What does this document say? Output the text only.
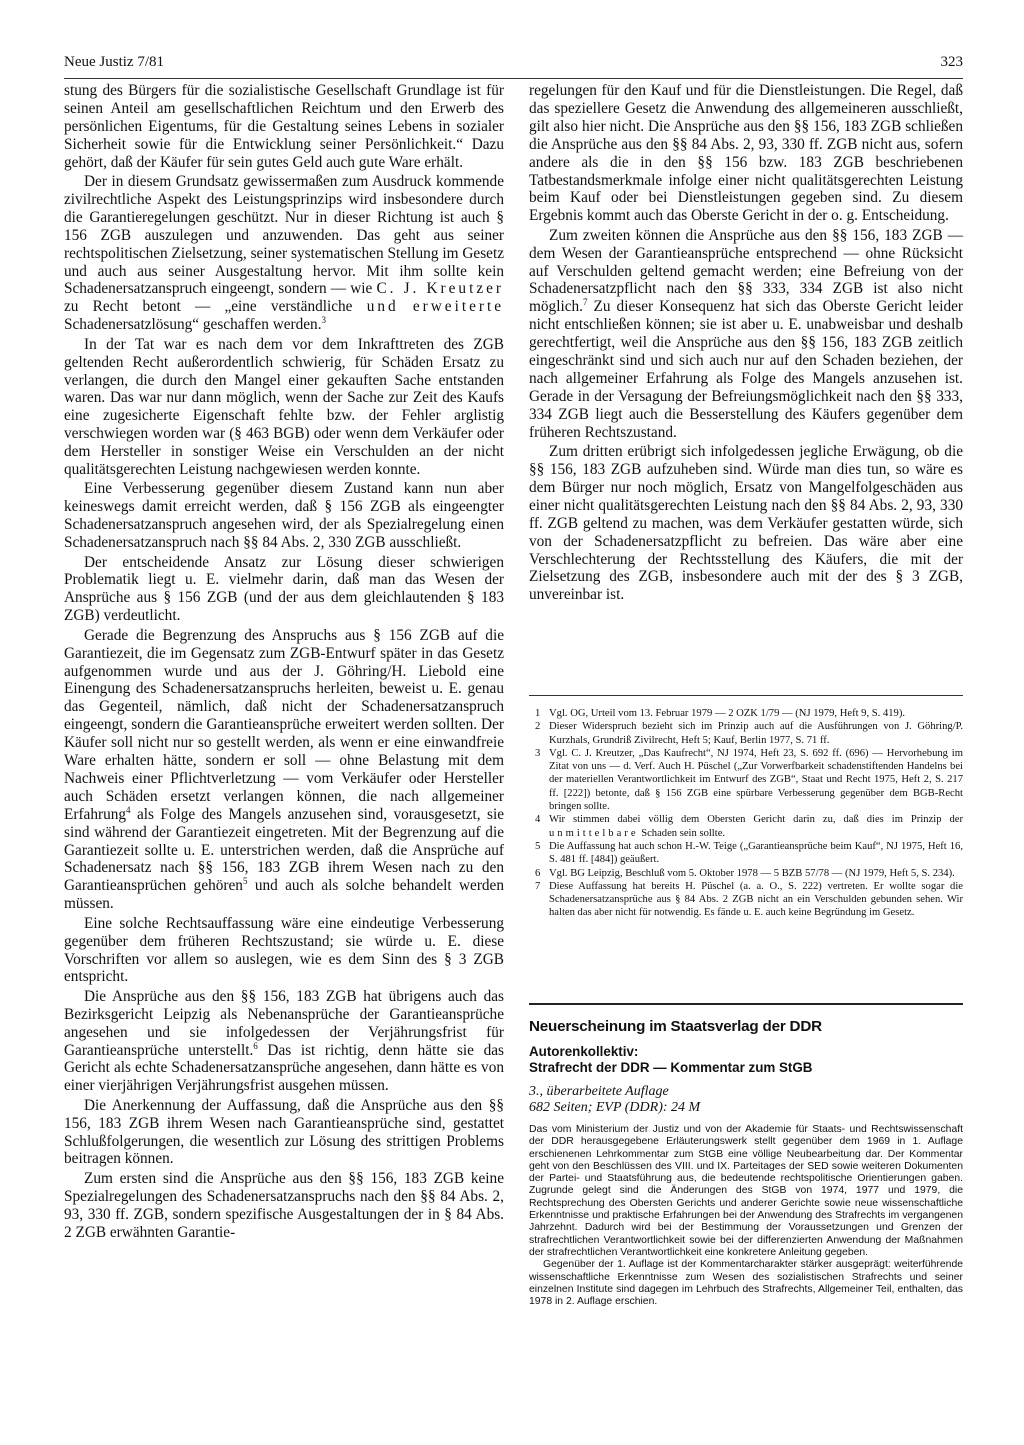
Neue Justiz 7/81	323

stung des Bürgers für die sozialistische Gesellschaft Grundlage ist für seinen Anteil am gesellschaftlichen Reichtum und den Erwerb des persönlichen Eigentums, für die Gestaltung seines Lebens in sozialer Sicherheit sowie für die Entwicklung seiner Persönlichkeit.“ Dazu gehört, daß der Käufer für sein gutes Geld auch gute Ware erhält.

Der in diesem Grundsatz gewissermaßen zum Ausdruck kommende zivilrechtliche Aspekt des Leistungsprinzips wird insbesondere durch die Garantieregelungen geschützt. Nur in dieser Richtung ist auch § 156 ZGB auszulegen und anzuwenden. Das geht aus seiner rechtspolitischen Zielsetzung, seiner systematischen Stellung im Gesetz und auch aus seiner Ausgestaltung hervor. Mit ihm sollte kein Schadenersatzanspruch eingeengt, sondern — wie C. J. Kreutzer zu Recht betont — „eine verständliche und erweiterte Schadenersatzlösung“ geschaffen werden.$^3$

In der Tat war es nach dem vor dem Inkrafttreten des ZGB geltenden Recht außerordentlich schwierig, für Schäden Ersatz zu verlangen, die durch den Mangel einer gekauften Sache entstanden waren. Das war nur dann möglich, wenn der Sache zur Zeit des Kaufs eine zugesicherte Eigenschaft fehlte bzw. der Fehler arglistig verschwiegen worden war (§ 463 BGB) oder wenn dem Verkäufer oder dem Hersteller in sonstiger Weise ein Verschulden an der nicht qualitätsgerechten Leistung nachgewiesen werden konnte.

Eine Verbesserung gegenüber diesem Zustand kann nun aber keineswegs damit erreicht werden, daß § 156 ZGB als eingeengter Schadenersatzanspruch angesehen wird, der als Spezialregelung einen Schadenersatzanspruch nach §§ 84 Abs. 2, 330 ZGB ausschließt.

Der entscheidende Ansatz zur Lösung dieser schwierigen Problematik liegt u. E. vielmehr darin, daß man das Wesen der Ansprüche aus § 156 ZGB (und der aus dem gleichlautenden § 183 ZGB) verdeutlicht.

Gerade die Begrenzung des Anspruchs aus § 156 ZGB auf die Garantiezeit, die im Gegensatz zum ZGB-Entwurf später in das Gesetz aufgenommen wurde und aus der J. Göhring/H. Liebold eine Einengung des Schadenersatzanspruchs herleiten, beweist u. E. genau das Gegenteil, nämlich, daß nicht der Schadenersatzanspruch eingeengt, sondern die Garantieansprüche erweitert werden sollten. Der Käufer soll nicht nur so gestellt werden, als wenn er eine einwandfreie Ware erhalten hätte, sondern er soll — ohne Belastung mit dem Nachweis einer Pflichtverletzung — vom Verkäufer oder Hersteller auch Schäden ersetzt verlangen können, die nach allgemeiner Erfahrung$^4$ als Folge des Mangels anzusehen sind, vorausgesetzt, sie sind während der Garantiezeit eingetreten. Mit der Begrenzung auf die Garantiezeit sollte u. E. unterstrichen werden, daß die Ansprüche auf Schadenersatz nach §§ 156, 183 ZGB ihrem Wesen nach zu den Garantieansprüchen gehören$^5$ und auch als solche behandelt werden müssen.

Eine solche Rechtsauffassung wäre eine eindeutige Verbesserung gegenüber dem früheren Rechtszustand; sie würde u. E. diese Vorschriften vor allem so auslegen, wie es dem Sinn des § 3 ZGB entspricht.

Die Ansprüche aus den §§ 156, 183 ZGB hat übrigens auch das Bezirksgericht Leipzig als Nebenansprüche der Garantieansprüche angesehen und sie infolgedessen der Verjährungsfrist für Garantieansprüche unterstellt.$^6$ Das ist richtig, denn hätte sie das Gericht als echte Schadenersatzansprüche angesehen, dann hätte es von einer vierjährigen Verjährungsfrist ausgehen müssen.

Die Anerkennung der Auffassung, daß die Ansprüche aus den §§ 156, 183 ZGB ihrem Wesen nach Garantieansprüche sind, gestattet Schlußfolgerungen, die wesentlich zur Lösung des strittigen Problems beitragen können.

Zum ersten sind die Ansprüche aus den §§ 156, 183 ZGB keine Spezialregelungen des Schadenersatzanspruchs nach den §§ 84 Abs. 2, 93, 330 ff. ZGB, sondern spezifische Ausgestaltungen der in § 84 Abs. 2 ZGB erwähnten Garantie-

regelungen für den Kauf und für die Dienstleistungen. Die Regel, daß das speziellere Gesetz die Anwendung des allgemeineren ausschließt, gilt also hier nicht. Die Ansprüche aus den §§ 156, 183 ZGB schließen die Ansprüche aus den §§ 84 Abs. 2, 93, 330 ff. ZGB nicht aus, sofern andere als die in den §§ 156 bzw. 183 ZGB beschriebenen Tatbestandsmerkmale infolge einer nicht qualitätsgerechten Leistung beim Kauf oder bei Dienstleistungen gegeben sind. Zu diesem Ergebnis kommt auch das Oberste Gericht in der o. g. Entscheidung.

Zum zweiten können die Ansprüche aus den §§ 156, 183 ZGB — dem Wesen der Garantieansprüche entsprechend — ohne Rücksicht auf Verschulden geltend gemacht werden; eine Befreiung von der Schadenersatzpflicht nach den §§ 333, 334 ZGB ist also nicht möglich.$^7$ Zu dieser Konsequenz hat sich das Oberste Gericht leider nicht entschließen können; sie ist aber u. E. unabweisbar und deshalb gerechtfertigt, weil die Ansprüche aus den §§ 156, 183 ZGB zeitlich eingeschränkt sind und sich auch nur auf den Schaden beziehen, der nach allgemeiner Erfahrung als Folge des Mangels anzusehen ist. Gerade in der Versagung der Befreiungsmöglichkeit nach den §§ 333, 334 ZGB liegt auch die Besserstellung des Käufers gegenüber dem früheren Rechtszustand.

Zum dritten erübrigt sich infolgedessen jegliche Erwägung, ob die §§ 156, 183 ZGB aufzuheben sind. Würde man dies tun, so wäre es dem Bürger nur noch möglich, Ersatz von Mangelfolgeschäden aus einer nicht qualitätsgerechten Leistung nach den §§ 84 Abs. 2, 93, 330 ff. ZGB geltend zu machen, was dem Verkäufer gestatten würde, sich von der Schadenersatzpflicht zu befreien. Das wäre aber eine Verschlechterung der Rechtsstellung des Käufers, die mit der Zielsetzung des ZGB, insbesondere auch mit der des § 3 ZGB, unvereinbar ist.

1 Vgl. OG, Urteil vom 13. Februar 1979 — 2 OZK 1/79 — (NJ 1979, Heft 9, S. 419).
2 Dieser Widerspruch bezieht sich im Prinzip auch auf die Ausführungen von J. Göhring/P. Kurzhals, Grundriß Zivilrecht, Heft 5; Kauf, Berlin 1977, S. 71 ff.
3 Vgl. C. J. Kreutzer, „Das Kaufrecht“, NJ 1974, Heft 23, S. 692 ff. (696) — Hervorhebung im Zitat von uns — d. Verf. Auch H. Püschel („Zur Vorwerfbarkeit schadenstiftenden Handelns bei der materiellen Verantwortlichkeit im Entwurf des ZGB“, Staat und Recht 1975, Heft 2, S. 217 ff. [222]) betonte, daß § 156 ZGB eine spürbare Verbesserung gegenüber dem BGB-Recht bringen sollte.
4 Wir stimmen dabei völlig dem Obersten Gericht darin zu, daß dies im Prinzip der unmittelbare Schaden sein sollte.
5 Die Auffassung hat auch schon H.-W. Teige („Garantieansprüche beim Kauf“, NJ 1975, Heft 16, S. 481 ff. [484]) geäußert.
6 Vgl. BG Leipzig, Beschluß vom 5. Oktober 1978 — 5 BZB 57/78 — (NJ 1979, Heft 5, S. 234).
7 Diese Auffassung hat bereits H. Püschel (a. a. O., S. 222) vertreten. Er wollte sogar die Schadenersatzansprüche aus § 84 Abs. 2 ZGB nicht an ein Verschulden gebunden sehen. Wir halten das aber nicht für notwendig. Es fände u. E. auch keine Begründung im Gesetz.
Neuerscheinung im Staatsverlag der DDR
Autorenkollektiv:
Strafrecht der DDR — Kommentar zum StGB
3., überarbeitete Auflage
682 Seiten; EVP (DDR): 24 M

Das vom Ministerium der Justiz und von der Akademie für Staats- und Rechtswissenschaft der DDR herausgegebene Erläuterungswerk stellt gegenüber dem 1969 in 1. Auflage erschienenen Lehrkommentar zum StGB eine völlige Neubearbeitung dar. Der Kommentar geht von den Beschlüssen des VIII. und IX. Parteitages der SED sowie weiteren Dokumenten der Partei- und Staatsführung aus, die bedeutende rechtspolitische Orientierungen gaben. Zugrunde gelegt sind die Änderungen des StGB von 1974, 1977 und 1979, die Rechtsprechung des Obersten Gerichts und anderer Gerichte sowie neue wissenschaftliche Erkenntnisse und praktische Erfahrungen bei der Anwendung des Strafrechts im vergangenen Jahrzehnt. Dadurch wird bei der Bestimmung der Voraussetzungen und Grenzen der strafrechtlichen Verantwortlichkeit sowie bei der differenzierten Anwendung der Maßnahmen der strafrechtlichen Verantwortlichkeit eine konkretere Anleitung gegeben.

Gegenüber der 1. Auflage ist der Kommentarcharakter stärker ausgeprägt: weiterführende wissenschaftliche Erkenntnisse zum Wesen des sozialistischen Strafrechts und seiner einzelnen Institute sind dagegen im Lehrbuch des Strafrechts, Allgemeiner Teil, enthalten, das 1978 in 2. Auflage erschien.
